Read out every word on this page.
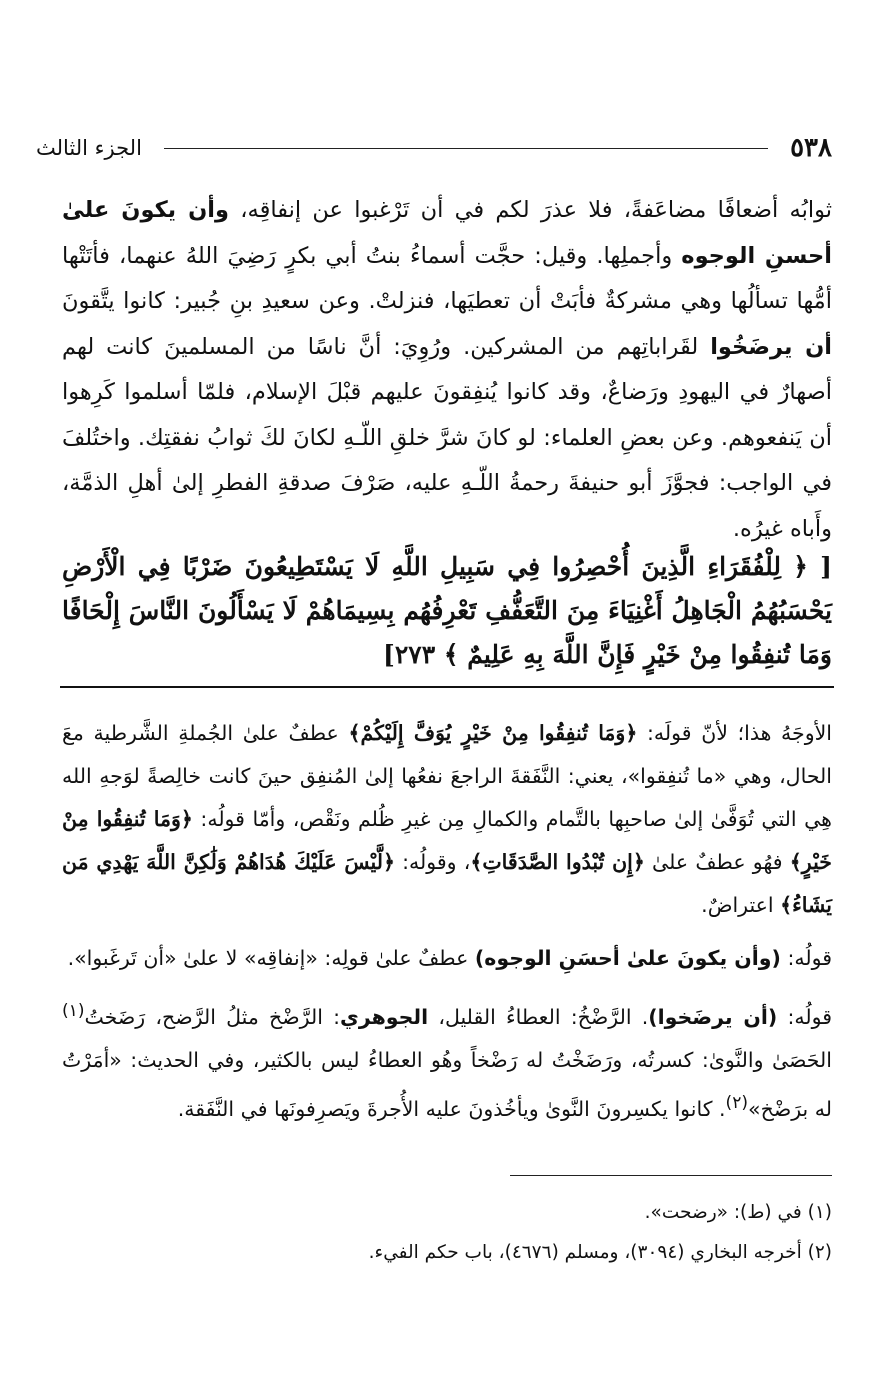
٥٣٨
الجزء الثالث

ثوابُه أضعافًا مضاعَفةً، فلا عذرَ لكم في أن تَرْغبوا عن إنفاقِه، وأن يكونَ علىٰ أحسنِ الوجوه وأجملِها. وقيل: حجَّت أسماءُ بنتُ أبي بكرٍ رَضِيَ اللهُ عنهما، فأتَتْها أمُّها تسألُها وهي مشركةٌ فأبَتْ أن تعطيَها، فنزلتْ. وعن سعيدِ بنِ جُبير: كانوا يتَّقونَ أن يرضَخُوا لقَراباتِهم من المشركين. ورُوِيَ: أنَّ ناسًا من المسلمينَ كانت لهم أصهارٌ في اليهودِ ورَضاعٌ، وقد كانوا يُنفِقونَ عليهم قبْلَ الإسلام، فلمّا أسلموا كَرِهوا أن يَنفعوهم. وعن بعضِ العلماء: لو كانَ شرَّ خلقِ اللّـهِ لكانَ لكَ ثوابُ نفقتِك. واختُلفَ في الواجب: فجوَّزَ أبو حنيفةَ رحمةُ اللّـهِ عليه، صَرْفَ صدقةِ الفطرِ إلىٰ أهلِ الذمَّة، وأَباه غيرُه.

[ ﴿ لِلْفُقَرَاءِ الَّذِينَ أُحْصِرُوا فِي سَبِيلِ اللَّهِ لَا يَسْتَطِيعُونَ ضَرْبًا فِي الْأَرْضِ يَحْسَبُهُمُ الْجَاهِلُ أَغْنِيَاءَ مِنَ التَّعَفُّفِ تَعْرِفُهُم بِسِيمَاهُمْ لَا يَسْأَلُونَ النَّاسَ إِلْحَافًا وَمَا تُنفِقُوا مِنْ خَيْرٍ فَإِنَّ اللَّهَ بِهِ عَلِيمٌ ﴾ ٢٧٣]

الأوجَهُ هذا؛ لأنّ قولَه: ﴿وَمَا تُنفِقُوا مِنْ خَيْرٍ يُوَفَّ إِلَيْكُمْ﴾ عطفٌ علىٰ الجُملةِ الشَّرطية معَ الحال، وهي «ما تُنفِقوا»، يعني: النَّفَقةَ الراجعَ نفعُها إلىٰ المُنفِق حينَ كانت خالِصةً لوَجهِ الله هِي التي تُوَفَّىٰ إلىٰ صاحبِها بالتَّمام والكمالِ مِن غيرِ ظُلم ونَقْص، وأمّا قولُه: ﴿وَمَا تُنفِقُوا مِنْ خَيْرٍ﴾ فهُو عطفٌ علىٰ ﴿إِن تُبْدُوا الصَّدَقَاتِ﴾، وقولُه: ﴿لَّيْسَ عَلَيْكَ هُدَاهُمْ وَلَٰكِنَّ اللَّهَ يَهْدِي مَن يَشَاءُ﴾ اعتراضٌ.

قولُه: (وأن يكونَ علىٰ أحسَنِ الوجوه) عطفٌ علىٰ قولِه: «إنفاقِه» لا علىٰ «أن تَرغَبوا».

قولُه: (أن يرضَخوا). الرَّضْخُ: العطاءُ القليل، الجوهري: الرَّضْخ مثلُ الرَّضح، رَضَختُ$^{(١)}$ الحَصَىٰ والنَّوىٰ: كسرتُه، ورَضَخْتُ له رَضْخاً وهُو العطاءُ ليس بالكثير، وفي الحديث: «أمَرْتُ له برَضْخ»$^{(٢)}$. كانوا يكسِرونَ النَّوىٰ ويأخُذونَ عليه الأُجرةَ ويَصرِفونَها في النَّفَقة.

(١) في (ط): «رضحت».

(٢) أخرجه البخاري (٣٠٩٤)، ومسلم (٤٦٧٦)، باب حكم الفيء.
